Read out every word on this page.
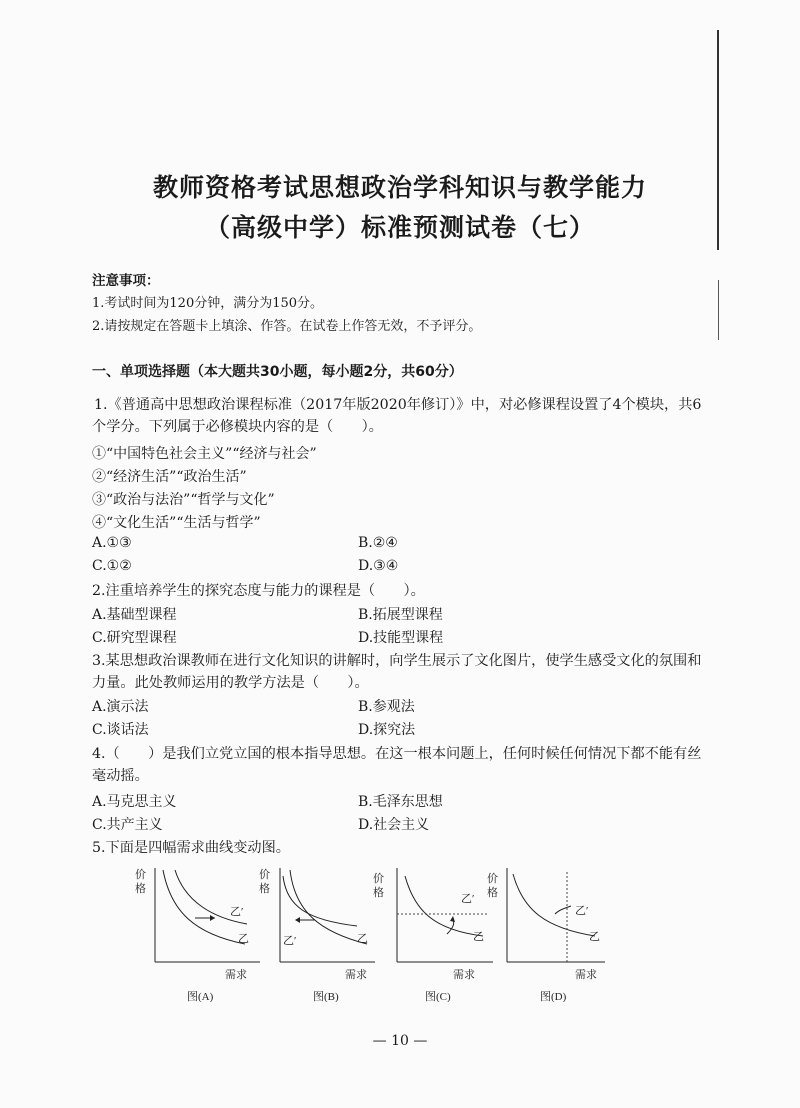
教师资格考试思想政治学科知识与教学能力
（高级中学）标准预测试卷（七）
注意事项：
1.考试时间为120分钟，满分为150分。
2.请按规定在答题卡上填涂、作答。在试卷上作答无效，不予评分。
一、单项选择题（本大题共30小题，每小题2分，共60分）
1.《普通高中思想政治课程标准（2017年版2020年修订）》中，对必修课程设置了4个模块，共6个学分。下列属于必修模块内容的是（　　）。
①“中国特色社会主义”“经济与社会”
②“经济生活”“政治生活”
③“政治与法治”“哲学与文化”
④“文化生活”“生活与哲学”
A.①③	B.②④
C.①②	D.③④
2.注重培养学生的探究态度与能力的课程是（　　）。
A.基础型课程	B.拓展型课程
C.研究型课程	D.技能型课程
3.某思想政治课教师在进行文化知识的讲解时，向学生展示了文化图片，使学生感受文化的氛围和力量。此处教师运用的教学方法是（　　）。
A.演示法	B.参观法
C.谈话法	D.探究法
4.（　　）是我们立党立国的根本指导思想。在这一根本问题上，任何时候任何情况下都不能有丝毫动摇。
A.马克思主义	B.毛泽东思想
C.共产主义	D.社会主义
5.下面是四幅需求曲线变动图。
价
格
乙′
乙
需求
图(A)
价
格
乙′	乙
需求
图(B)
价
格	乙′
乙
需求
图(C)
价
格
乙′
乙
需求
图(D)
— 10 —
